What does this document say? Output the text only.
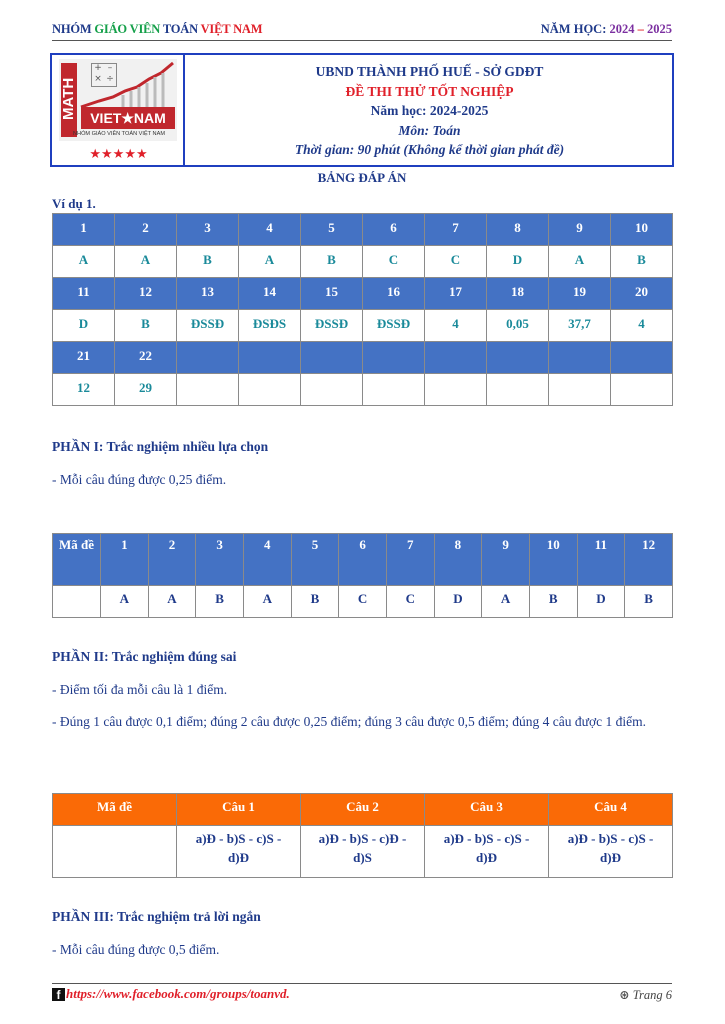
NHÓM GIÁO VIÊN TOÁN VIỆT NAM	NĂM HỌC: 2024 – 2025
MATH
+ –
× ÷
VIET★NAM
NHÓM GIÁO VIÊN TOÁN VIỆT NAM
★★★★★
UBND THÀNH PHỐ HUẾ - SỞ GDĐT
ĐỀ THI THỬ TỐT NGHIỆP
Năm học: 2024-2025
Môn: Toán
Thời gian: 90 phút (Không kể thời gian phát đề)
BẢNG ĐÁP ÁN
Ví dụ 1.
1	2	3	4	5	6	7	8	9	10
A	A	B	A	B	C	C	D	A	B
11	12	13	14	15	16	17	18	19	20
D	B	ĐSSĐ	ĐSĐS	ĐSSĐ	ĐSSĐ	4	0,05	37,7	4
21	22								
12	29								
PHẦN I: Trắc nghiệm nhiều lựa chọn
- Mỗi câu đúng được 0,25 điểm.
Mã đề	1	2	3	4	5	6	7	8	9	10	11	12
	A	A	B	A	B	C	C	D	A	B	D	B
PHẦN II: Trắc nghiệm đúng sai
- Điểm tối đa mỗi câu là 1 điểm.
- Đúng 1 câu được 0,1 điểm; đúng 2 câu được 0,25 điểm; đúng 3 câu được 0,5 điểm; đúng 4 câu được 1 điểm.
Mã đề	Câu 1	Câu 2	Câu 3	Câu 4
	a)Đ - b)S - c)S - d)Đ	a)Đ - b)S - c)Đ - d)S	a)Đ - b)S - c)S - d)Đ	a)Đ - b)S - c)S - d)Đ
PHẦN III: Trắc nghiệm trả lời ngắn
- Mỗi câu đúng được 0,5 điểm.
f https://www.facebook.com/groups/toanvd.	⊛ Trang 6
